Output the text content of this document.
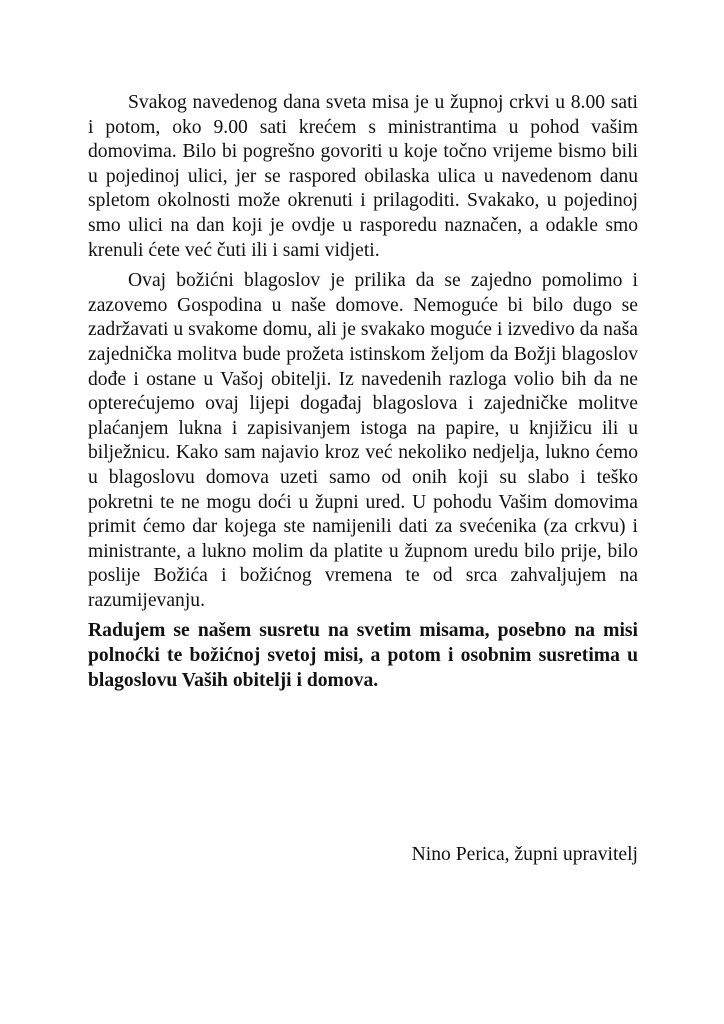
Svakog navedenog dana sveta misa je u župnoj crkvi u 8.00 sati i potom, oko 9.00 sati krećem s ministrantima u pohod vašim domovima. Bilo bi pogrešno govoriti u koje točno vrijeme bismo bili u pojedinoj ulici, jer se raspored obilaska ulica u navedenom danu spletom okolnosti može okrenuti i prilagoditi. Svakako, u pojedinoj smo ulici na dan koji je ovdje u rasporedu naznačen, a odakle smo krenuli ćete već čuti ili i sami vidjeti.

Ovaj božićni blagoslov je prilika da se zajedno pomolimo i zazovemo Gospodina u naše domove. Nemoguće bi bilo dugo se zadržavati u svakome domu, ali je svakako moguće i izvedivo da naša zajednička molitva bude prožeta istinskom željom da Božji blagoslov dođe i ostane u Vašoj obitelji. Iz navedenih razloga volio bih da ne opterećujemo ovaj lijepi događaj blagoslova i zajedničke molitve plaćanjem lukna i zapisivanjem istoga na papire, u knjižicu ili u bilježnicu. Kako sam najavio kroz već nekoliko nedjelja, lukno ćemo u blagoslovu domova uzeti samo od onih koji su slabo i teško pokretni te ne mogu doći u župni ured. U pohodu Vašim domovima primit ćemo dar kojega ste namijenili dati za svećenika (za crkvu) i ministrante, a lukno molim da platite u župnom uredu bilo prije, bilo poslije Božića i božićnog vremena te od srca zahvaljujem na razumijevanju.

Radujem se našem susretu na svetim misama, posebno na misi polnoćki te božićnoj svetoj misi, a potom i osobnim susretima u blagoslovu Vaših obitelji i domova.

Nino Perica, župni upravitelj
